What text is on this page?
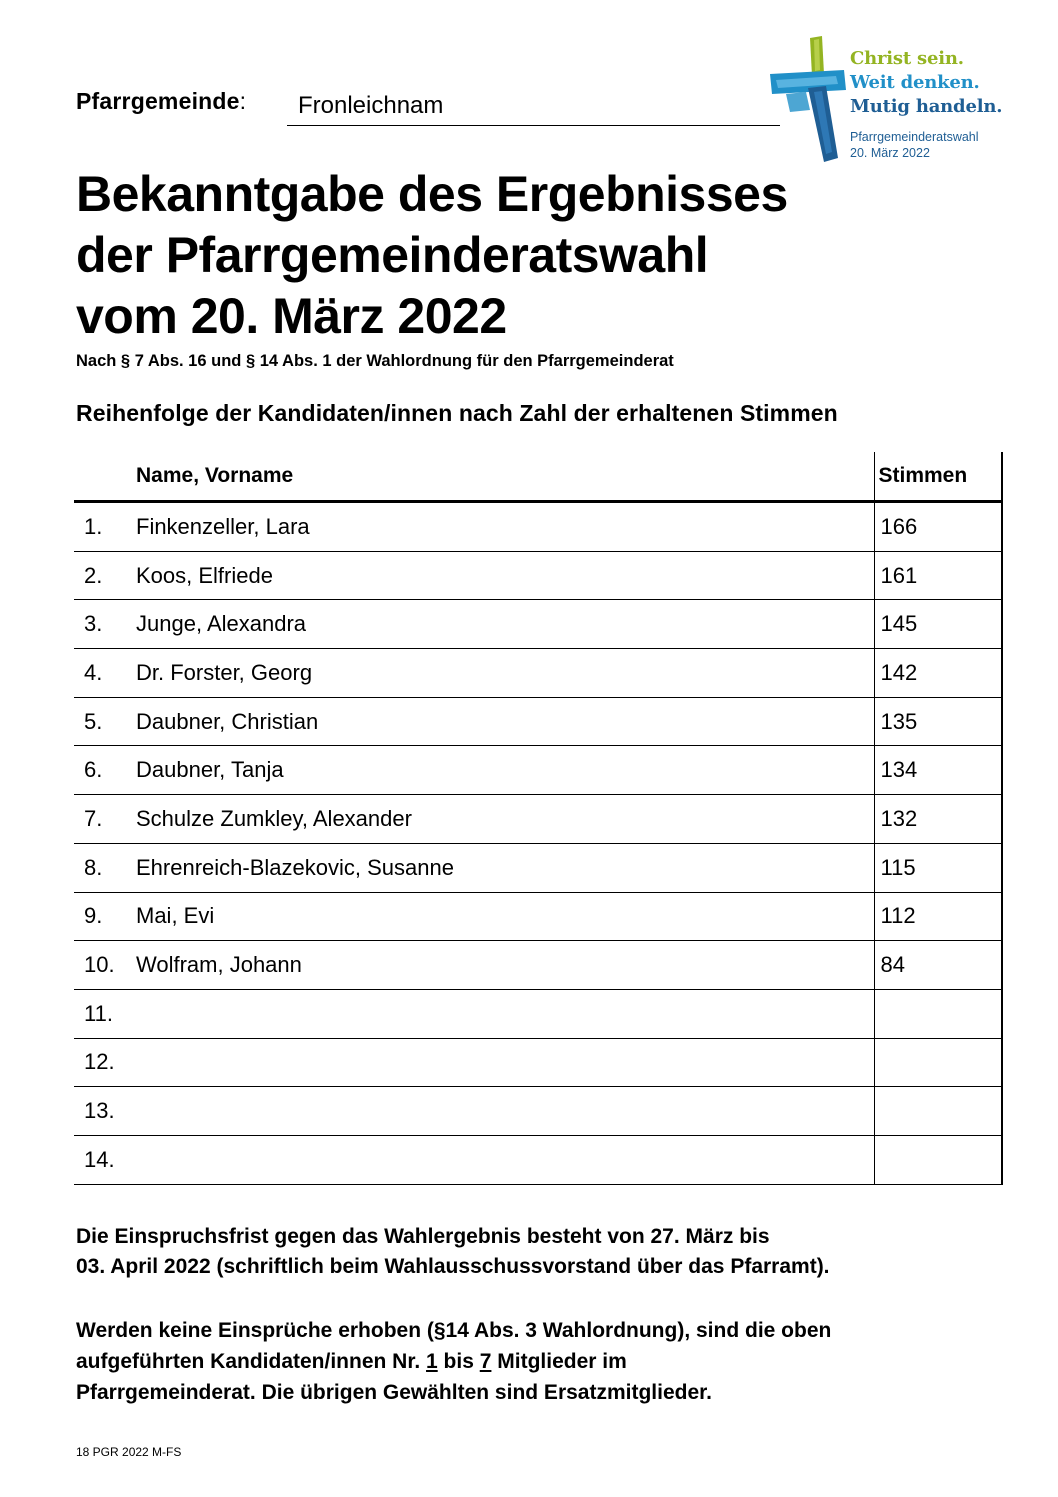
Pfarrgemeinde: Fronleichnam
Christ sein.
Weit denken.
Mutig handeln.
Pfarrgemeinderatswahl
20. März 2022
Bekanntgabe des Ergebnisses
der Pfarrgemeinderatswahl
vom 20. März 2022
Nach § 7 Abs. 16 und § 14 Abs. 1 der Wahlordnung für den Pfarrgemeinderat
Reihenfolge der Kandidaten/innen nach Zahl der erhaltenen Stimmen
	Name, Vorname	Stimmen
1.	Finkenzeller, Lara	166
2.	Koos, Elfriede	161
3.	Junge, Alexandra	145
4.	Dr. Forster, Georg	142
5.	Daubner, Christian	135
6.	Daubner, Tanja	134
7.	Schulze Zumkley, Alexander	132
8.	Ehrenreich-Blazekovic, Susanne	115
9.	Mai, Evi	112
10.	Wolfram, Johann	84
11.		
12.		
13.		
14.		
Die Einspruchsfrist gegen das Wahlergebnis besteht von 27. März bis
03. April 2022 (schriftlich beim Wahlausschussvorstand über das Pfarramt).
Werden keine Einsprüche erhoben (§14 Abs. 3 Wahlordnung), sind die oben
aufgeführten Kandidaten/innen Nr. 1 bis 7 Mitglieder im
Pfarrgemeinderat. Die übrigen Gewählten sind Ersatzmitglieder.
18 PGR 2022 M-FS
